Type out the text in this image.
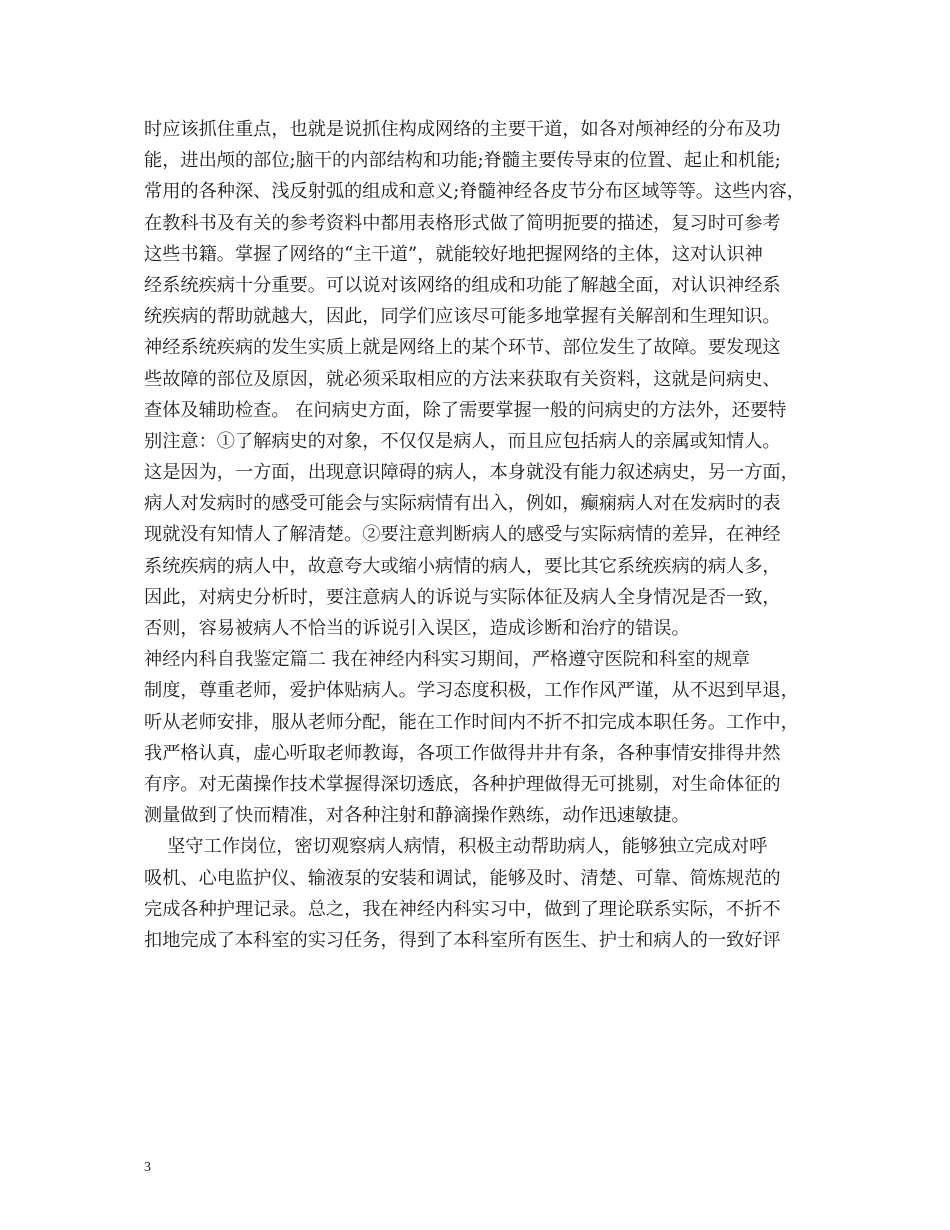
时应该抓住重点，也就是说抓住构成网络的主要干道，如各对颅神经的分布及功
能，进出颅的部位;脑干的内部结构和功能;脊髓主要传导束的位置、起止和机能;
常用的各种深、浅反射弧的组成和意义;脊髓神经各皮节分布区域等等。这些内容，
在教科书及有关的参考资料中都用表格形式做了简明扼要的描述，复习时可参考
这些书籍。掌握了网络的“主干道”，就能较好地把握网络的主体，这对认识神
经系统疾病十分重要。可以说对该网络的组成和功能了解越全面，对认识神经系
统疾病的帮助就越大，因此，同学们应该尽可能多地掌握有关解剖和生理知识。
神经系统疾病的发生实质上就是网络上的某个环节、部位发生了故障。要发现这
些故障的部位及原因，就必须采取相应的方法来获取有关资料，这就是问病史、
查体及辅助检查。 在问病史方面，除了需要掌握一般的问病史的方法外，还要特
别注意：①了解病史的对象，不仅仅是病人，而且应包括病人的亲属或知情人。
这是因为，一方面，出现意识障碍的病人，本身就没有能力叙述病史，另一方面，
病人对发病时的感受可能会与实际病情有出入，例如，癫痫病人对在发病时的表
现就没有知情人了解清楚。②要注意判断病人的感受与实际病情的差异，在神经
系统疾病的病人中，故意夸大或缩小病情的病人，要比其它系统疾病的病人多，
因此，对病史分析时，要注意病人的诉说与实际体征及病人全身情况是否一致，
否则，容易被病人不恰当的诉说引入误区，造成诊断和治疗的错误。
神经内科自我鉴定篇二 我在神经内科实习期间，严格遵守医院和科室的规章
制度，尊重老师，爱护体贴病人。学习态度积极，工作作风严谨，从不迟到早退，
听从老师安排，服从老师分配，能在工作时间内不折不扣完成本职任务。工作中，
我严格认真，虚心听取老师教诲，各项工作做得井井有条，各种事情安排得井然
有序。对无菌操作技术掌握得深切透底，各种护理做得无可挑剔，对生命体征的
测量做到了快而精准，对各种注射和静滴操作熟练，动作迅速敏捷。
坚守工作岗位，密切观察病人病情，积极主动帮助病人，能够独立完成对呼
吸机、心电监护仪、输液泵的安装和调试，能够及时、清楚、可靠、简炼规范的
完成各种护理记录。总之，我在神经内科实习中，做到了理论联系实际，不折不
扣地完成了本科室的实习任务，得到了本科室所有医生、护士和病人的一致好评
3
